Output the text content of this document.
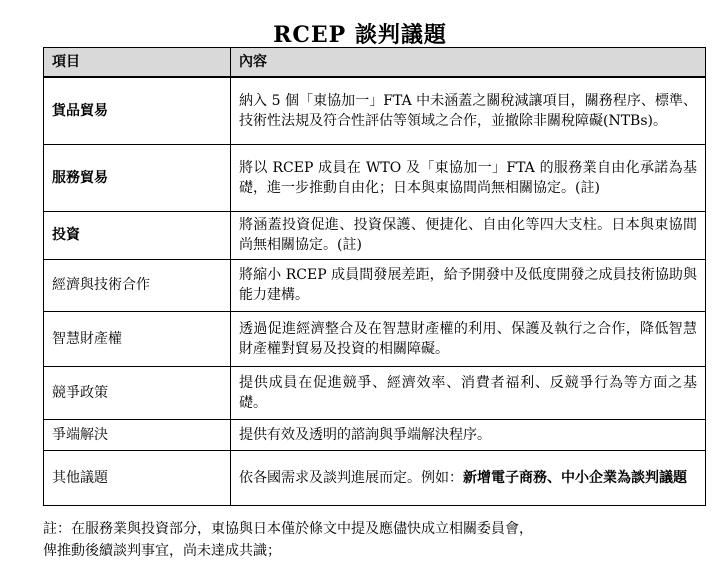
RCEP 談判議題
項目	內容
貨品貿易	納入 5 個「東協加一」FTA 中未涵蓋之關稅減讓項目，關務程序、標準、技術性法規及符合性評估等領域之合作，並撤除非關稅障礙(NTBs)。
服務貿易	將以 RCEP 成員在 WTO 及「東協加一」FTA 的服務業自由化承諾為基礎，進一步推動自由化；日本與東協間尚無相關協定。(註)
投資	將涵蓋投資促進、投資保護、便捷化、自由化等四大支柱。日本與東協間尚無相關協定。(註)
經濟與技術合作	將縮小 RCEP 成員間發展差距，給予開發中及低度開發之成員技術協助與能力建構。
智慧財產權	透過促進經濟整合及在智慧財產權的利用、保護及執行之合作，降低智慧財產權對貿易及投資的相關障礙。
競爭政策	提供成員在促進競爭、經濟效率、消費者福利、反競爭行為等方面之基礎。
爭端解決	提供有效及透明的諮詢與爭端解決程序。
其他議題	依各國需求及談判進展而定。例如：新增電子商務、中小企業為談判議題
註：在服務業與投資部分，東協與日本僅於條文中提及應儘快成立相關委員會，
俾推動後續談判事宜，尚未達成共識；
